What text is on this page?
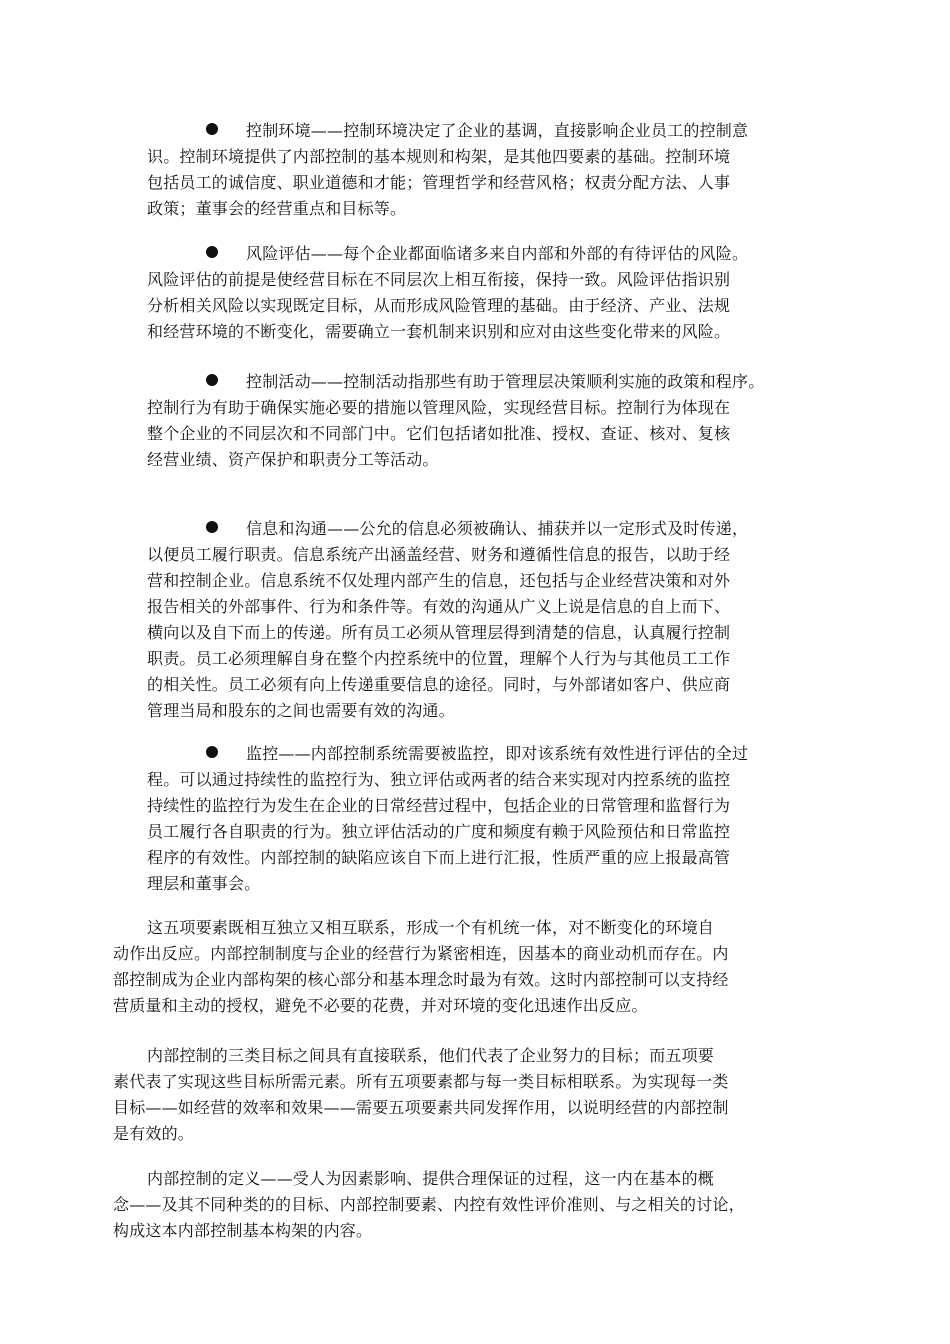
控制环境——控制环境决定了企业的基调，直接影响企业员工的控制意
识。控制环境提供了内部控制的基本规则和构架，是其他四要素的基础。控制环境
包括员工的诚信度、职业道德和才能；管理哲学和经营风格；权责分配方法、人事
政策；董事会的经营重点和目标等。
风险评估——每个企业都面临诸多来自内部和外部的有待评估的风险。
风险评估的前提是使经营目标在不同层次上相互衔接，保持一致。风险评估指识别
分析相关风险以实现既定目标，从而形成风险管理的基础。由于经济、产业、法规
和经营环境的不断变化，需要确立一套机制来识别和应对由这些变化带来的风险。
控制活动——控制活动指那些有助于管理层决策顺利实施的政策和程序。
控制行为有助于确保实施必要的措施以管理风险，实现经营目标。控制行为体现在
整个企业的不同层次和不同部门中。它们包括诸如批准、授权、查证、核对、复核
经营业绩、资产保护和职责分工等活动。
信息和沟通——公允的信息必须被确认、捕获并以一定形式及时传递，
以便员工履行职责。信息系统产出涵盖经营、财务和遵循性信息的报告，以助于经
营和控制企业。信息系统不仅处理内部产生的信息，还包括与企业经营决策和对外
报告相关的外部事件、行为和条件等。有效的沟通从广义上说是信息的自上而下、
横向以及自下而上的传递。所有员工必须从管理层得到清楚的信息，认真履行控制
职责。员工必须理解自身在整个内控系统中的位置，理解个人行为与其他员工工作
的相关性。员工必须有向上传递重要信息的途径。同时，与外部诸如客户、供应商
管理当局和股东的之间也需要有效的沟通。
监控——内部控制系统需要被监控，即对该系统有效性进行评估的全过
程。可以通过持续性的监控行为、独立评估或两者的结合来实现对内控系统的监控
持续性的监控行为发生在企业的日常经营过程中，包括企业的日常管理和监督行为
员工履行各自职责的行为。独立评估活动的广度和频度有赖于风险预估和日常监控
程序的有效性。内部控制的缺陷应该自下而上进行汇报，性质严重的应上报最高管
理层和董事会。
这五项要素既相互独立又相互联系，形成一个有机统一体，对不断变化的环境自
动作出反应。内部控制制度与企业的经营行为紧密相连，因基本的商业动机而存在。内
部控制成为企业内部构架的核心部分和基本理念时最为有效。这时内部控制可以支持经
营质量和主动的授权，避免不必要的花费，并对环境的变化迅速作出反应。
内部控制的三类目标之间具有直接联系，他们代表了企业努力的目标；而五项要
素代表了实现这些目标所需元素。所有五项要素都与每一类目标相联系。为实现每一类
目标——如经营的效率和效果——需要五项要素共同发挥作用，以说明经营的内部控制
是有效的。
内部控制的定义——受人为因素影响、提供合理保证的过程，这一内在基本的概
念——及其不同种类的的目标、内部控制要素、内控有效性评价准则、与之相关的讨论，
构成这本内部控制基本构架的内容。
